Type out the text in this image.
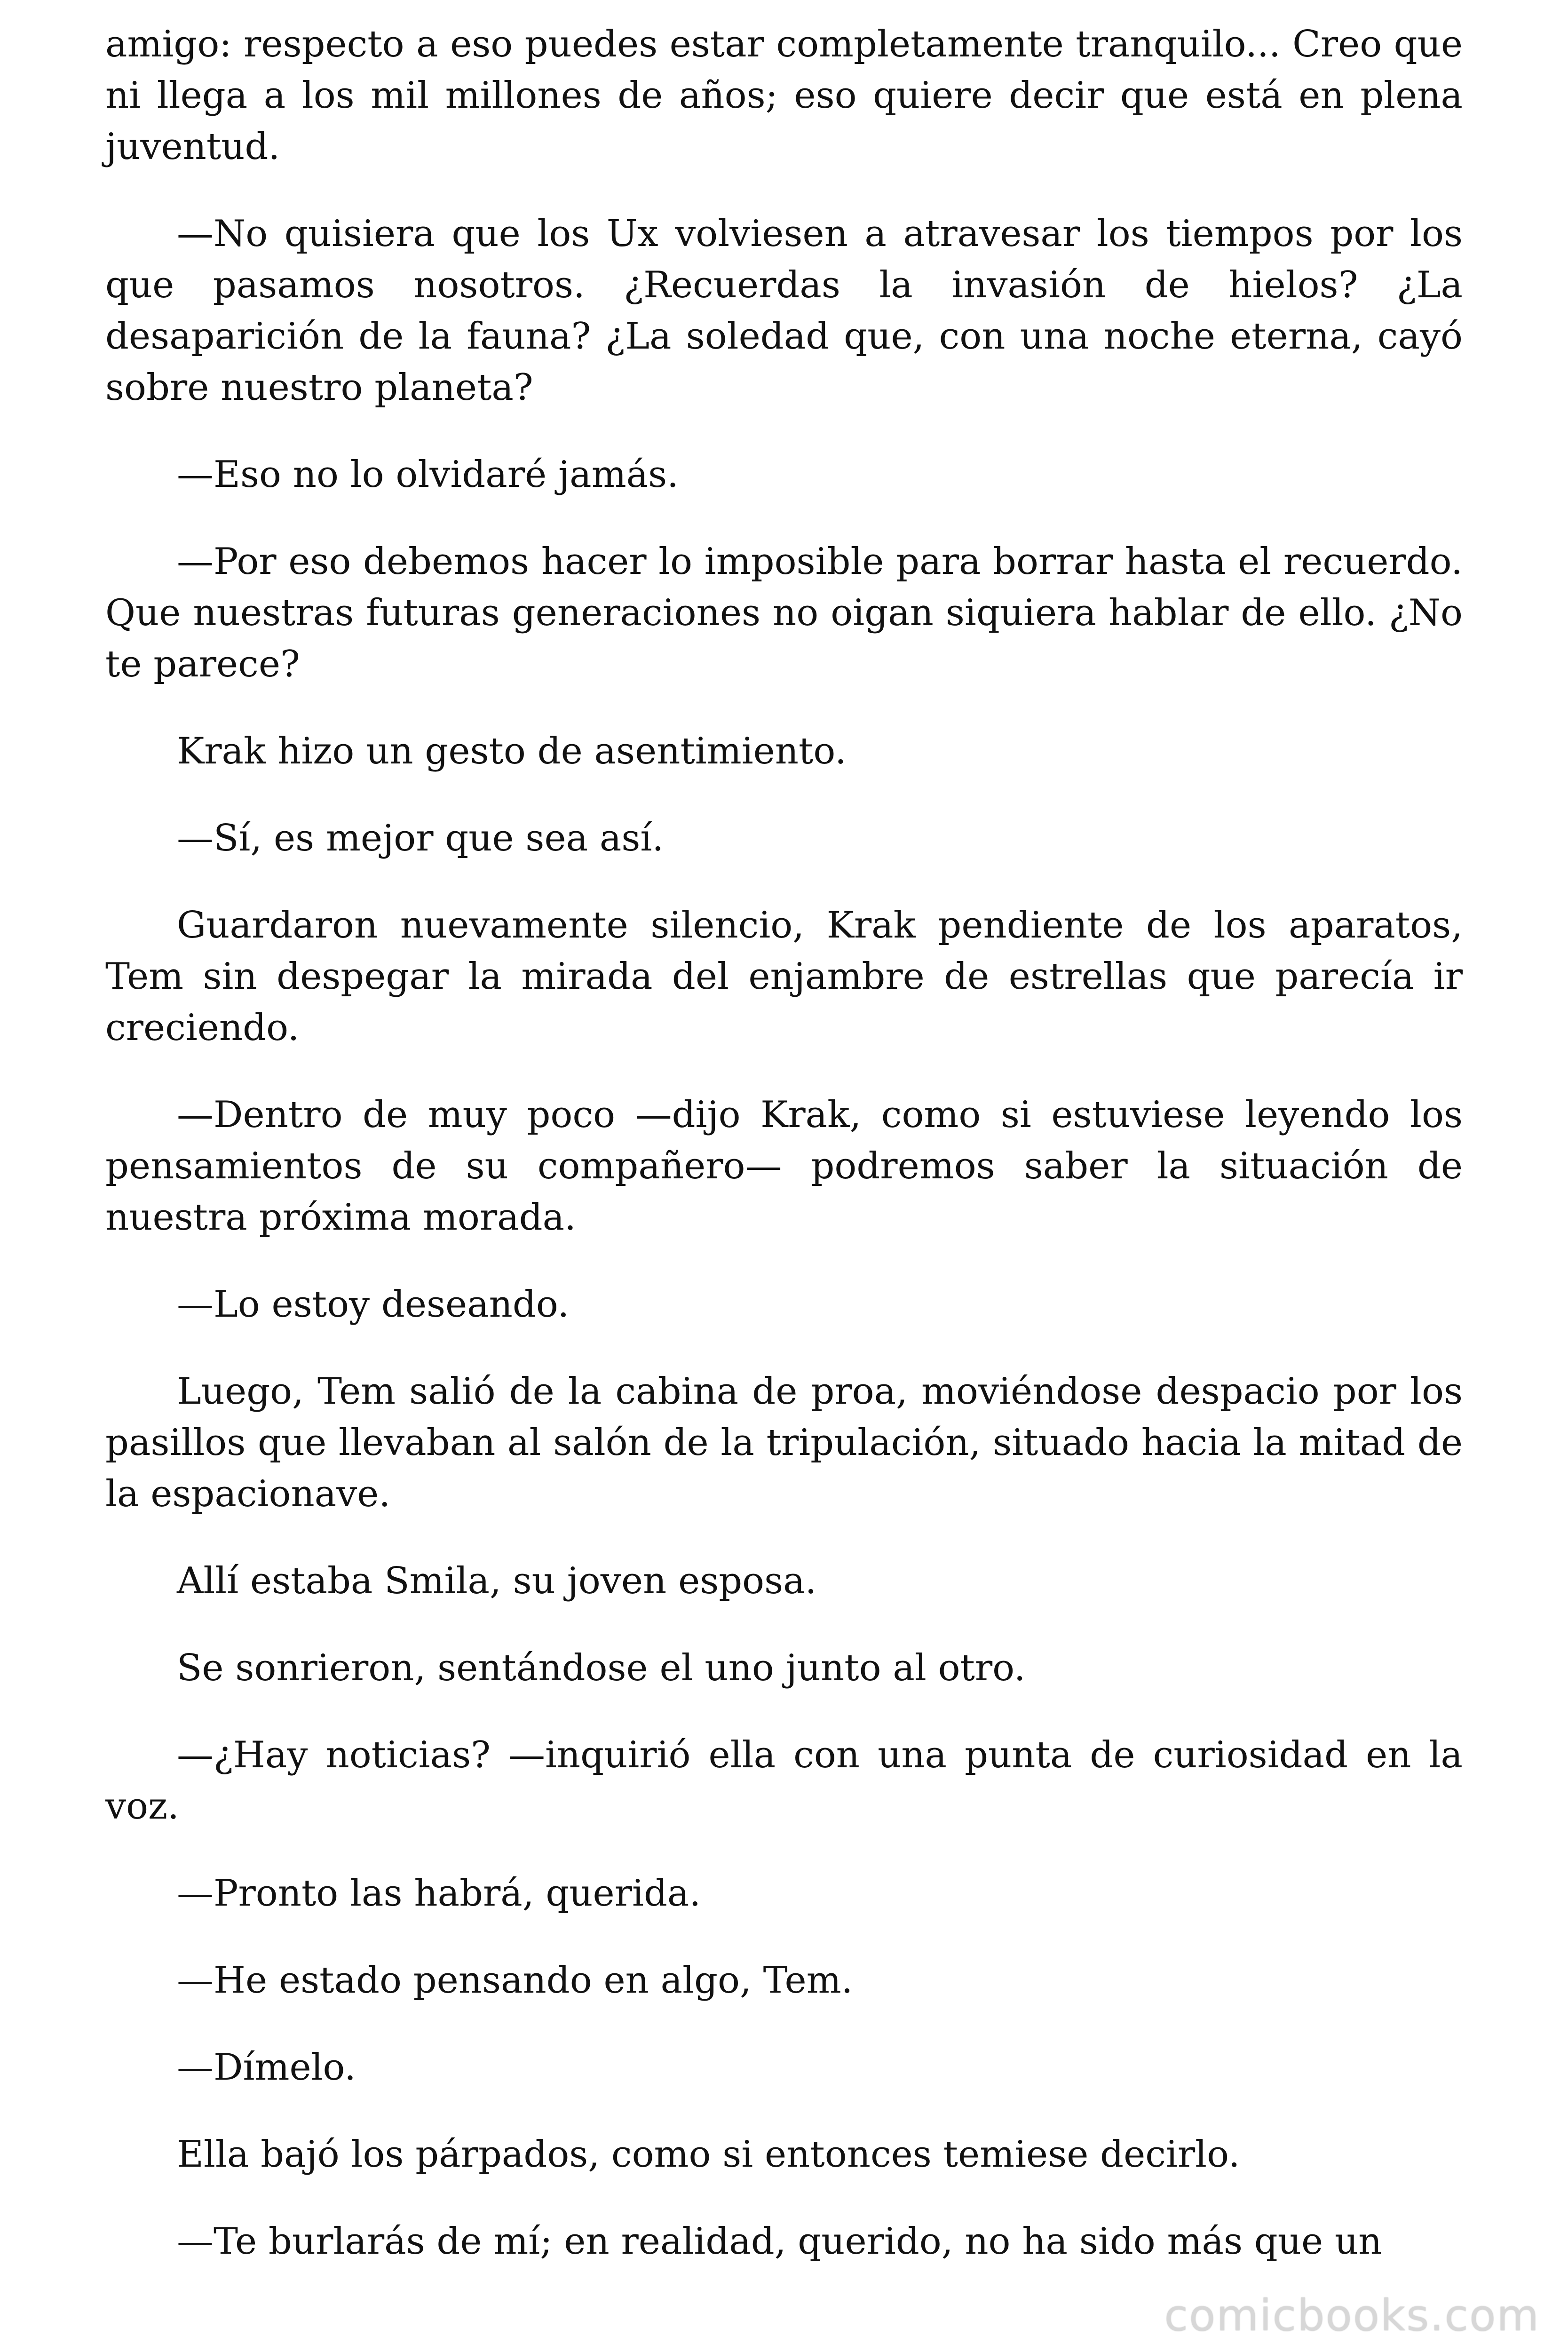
amigo: respecto a eso puedes estar completamente tranquilo... Creo que ni llega a los mil millones de años; eso quiere decir que está en plena juventud.

—No quisiera que los Ux volviesen a atravesar los tiempos por los que pasamos nosotros. ¿Recuerdas la invasión de hielos? ¿La desaparición de la fauna? ¿La soledad que, con una noche eterna, cayó sobre nuestro planeta?

—Eso no lo olvidaré jamás.

—Por eso debemos hacer lo imposible para borrar hasta el recuerdo. Que nuestras futuras generaciones no oigan siquiera hablar de ello. ¿No te parece?

Krak hizo un gesto de asentimiento.

—Sí, es mejor que sea así.

Guardaron nuevamente silencio, Krak pendiente de los aparatos, Tem sin despegar la mirada del enjambre de estrellas que parecía ir creciendo.

—Dentro de muy poco —dijo Krak, como si estuviese leyendo los pensamientos de su compañero— podremos saber la situación de nuestra próxima morada.

—Lo estoy deseando.

Luego, Tem salió de la cabina de proa, moviéndose despacio por los pasillos que llevaban al salón de la tripulación, situado hacia la mitad de la espacionave.

Allí estaba Smila, su joven esposa.

Se sonrieron, sentándose el uno junto al otro.

—¿Hay noticias? —inquirió ella con una punta de curiosidad en la voz.

—Pronto las habrá, querida.

—He estado pensando en algo, Tem.

—Dímelo.

Ella bajó los párpados, como si entonces temiese decirlo.

—Te burlarás de mí; en realidad, querido, no ha sido más que un

comicbooks.com
